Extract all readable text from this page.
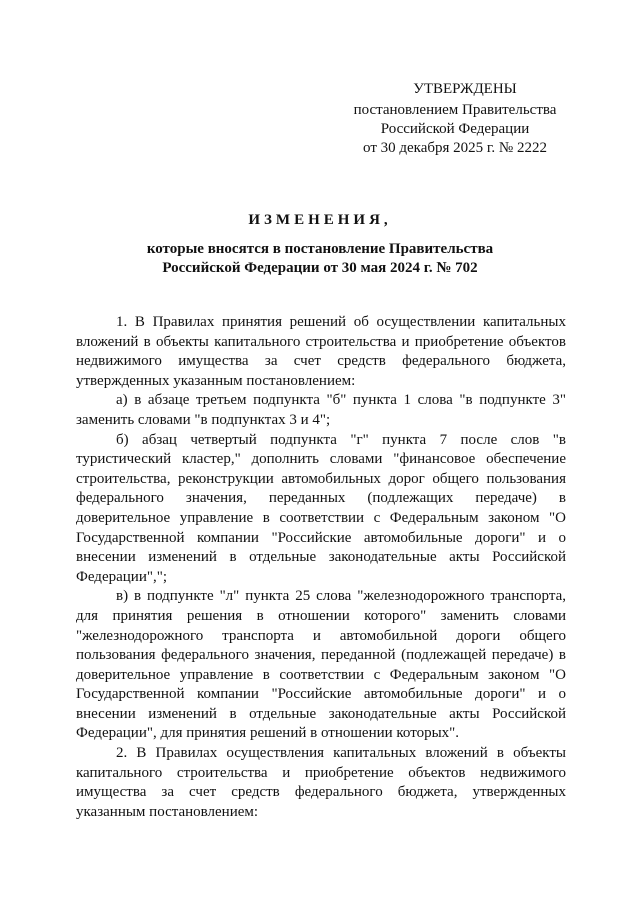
УТВЕРЖДЕНЫ
постановлением Правительства
Российской Федерации
от 30 декабря 2025 г. № 2222
ИЗМЕНЕНИЯ,
которые вносятся в постановление Правительства
Российской Федерации от 30 мая 2024 г. № 702

1. В Правилах принятия решений об осуществлении капитальных вложений в объекты капитального строительства и приобретение объектов недвижимого имущества за счет средств федерального бюджета, утвержденных указанным постановлением:

а) в абзаце третьем подпункта "б" пункта 1 слова "в подпункте 3" заменить словами "в подпунктах 3 и 4";

б) абзац четвертый подпункта "г" пункта 7 после слов "в туристический кластер," дополнить словами "финансовое обеспечение строительства, реконструкции автомобильных дорог общего пользования федерального значения, переданных (подлежащих передаче) в доверительное управление в соответствии с Федеральным законом "О Государственной компании "Российские автомобильные дороги" и о внесении изменений в отдельные законодательные акты Российской Федерации",";

в) в подпункте "л" пункта 25 слова "железнодорожного транспорта, для принятия решения в отношении которого" заменить словами "железнодорожного транспорта и автомобильной дороги общего пользования федерального значения, переданной (подлежащей передаче) в доверительное управление в соответствии с Федеральным законом "О Государственной компании "Российские автомобильные дороги" и о внесении изменений в отдельные законодательные акты Российской Федерации", для принятия решений в отношении которых".

2. В Правилах осуществления капитальных вложений в объекты капитального строительства и приобретение объектов недвижимого имущества за счет средств федерального бюджета, утвержденных указанным постановлением:
